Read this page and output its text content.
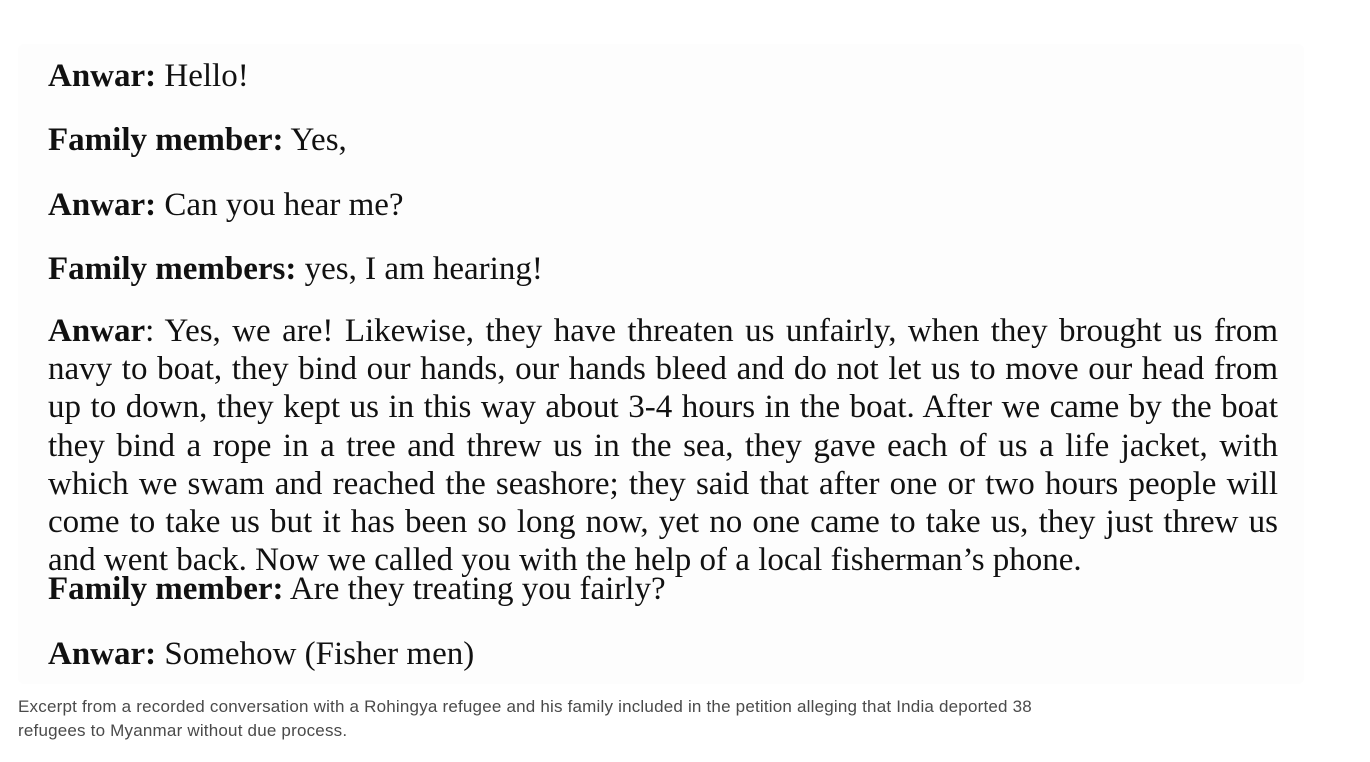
Anwar: Hello!
Family member: Yes,
Anwar: Can you hear me?
Family members: yes, I am hearing!
Anwar: Yes, we are! Likewise, they have threaten us unfairly, when they brought us from navy to boat, they bind our hands, our hands bleed and do not let us to move our head from up to down, they kept us in this way about 3-4 hours in the boat. After we came by the boat they bind a rope in a tree and threw us in the sea, they gave each of us a life jacket, with which we swam and reached the seashore; they said that after one or two hours people will come to take us but it has been so long now, yet no one came to take us, they just threw us and went back. Now we called you with the help of a local fisherman’s phone.
Family member: Are they treating you fairly?
Anwar: Somehow (Fisher men)
Excerpt from a recorded conversation with a Rohingya refugee and his family included in the petition alleging that India deported 38 refugees to Myanmar without due process.
